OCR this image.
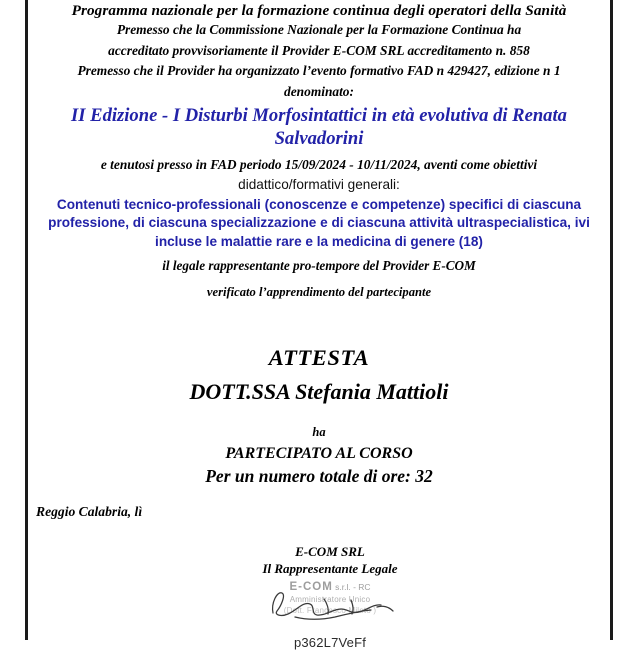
Programma nazionale per la formazione continua degli operatori della Sanità
Premesso che la Commissione Nazionale per la Formazione Continua ha
accreditato provvisoriamente il Provider E-COM SRL accreditamento n. 858
Premesso che il Provider ha organizzato l’evento formativo FAD n 429427, edizione n 1
denominato:
II Edizione - I Disturbi Morfosintattici in età evolutiva di Renata Salvadorini
e tenutosi presso in FAD periodo 15/09/2024 - 10/11/2024, aventi come obiettivi
didattico/formativi generali:
Contenuti tecnico-professionali (conoscenze e competenze) specifici di ciascuna professione, di ciascuna specializzazione e di ciascuna attività ultraspecialistica, ivi incluse le malattie rare e la medicina di genere (18)
il legale rappresentante pro-tempore del Provider E-COM
verificato l’apprendimento del partecipante
ATTESTA
DOTT.SSA Stefania Mattioli
ha
PARTECIPATO AL CORSO
Per un numero totale di ore: 32
Reggio Calabria, lì
E-COM SRL
Il Rappresentante Legale
E-COM s.r.l. - RC
Amministratore Unico
(Dott. Francesco Mileto )
p362L7VeFf
